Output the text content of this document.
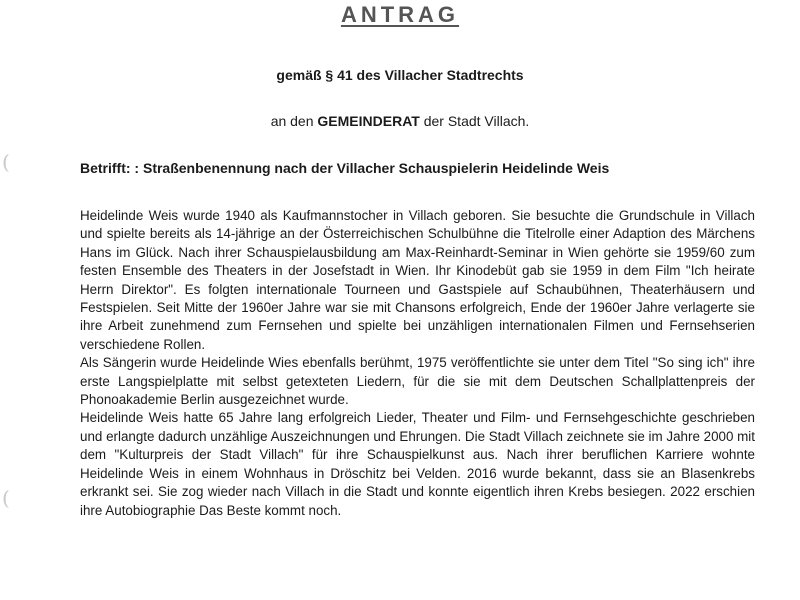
ANTRAG
gemäß § 41 des Villacher Stadtrechts
an den GEMEINDERAT der Stadt Villach.
Betrifft: : Straßenbenennung nach der Villacher Schauspielerin Heidelinde Weis

Heidelinde Weis wurde 1940 als Kaufmannstocher in Villach geboren. Sie besuchte die Grundschule in Villach und spielte bereits als 14-jährige an der Österreichischen Schulbühne die Titelrolle einer Adaption des Märchens Hans im Glück. Nach ihrer Schauspielausbildung am Max-Reinhardt-Seminar in Wien gehörte sie 1959/60 zum festen Ensemble des Theaters in der Josefstadt in Wien. Ihr Kinodebüt gab sie 1959 in dem Film "Ich heirate Herrn Direktor". Es folgten internationale Tourneen und Gastspiele auf Schaubühnen, Theaterhäusern und Festspielen. Seit Mitte der 1960er Jahre war sie mit Chansons erfolgreich, Ende der 1960er Jahre verlagerte sie ihre Arbeit zunehmend zum Fernsehen und spielte bei unzähligen internationalen Filmen und Fernsehserien verschiedene Rollen.

Als Sängerin wurde Heidelinde Wies ebenfalls berühmt, 1975 veröffentlichte sie unter dem Titel "So sing ich" ihre erste Langspielplatte mit selbst getexteten Liedern, für die sie mit dem Deutschen Schallplattenpreis der Phonoakademie Berlin ausgezeichnet wurde.

Heidelinde Weis hatte 65 Jahre lang erfolgreich Lieder, Theater und Film- und Fernsehgeschichte geschrieben und erlangte dadurch unzählige Auszeichnungen und Ehrungen. Die Stadt Villach zeichnete sie im Jahre 2000 mit dem "Kulturpreis der Stadt Villach" für ihre Schauspielkunst aus. Nach ihrer beruflichen Karriere wohnte Heidelinde Weis in einem Wohnhaus in Dröschitz bei Velden. 2016 wurde bekannt, dass sie an Blasenkrebs erkrankt sei. Sie zog wieder nach Villach in die Stadt und konnte eigentlich ihren Krebs besiegen. 2022 erschien ihre Autobiographie Das Beste kommt noch.

(
(
